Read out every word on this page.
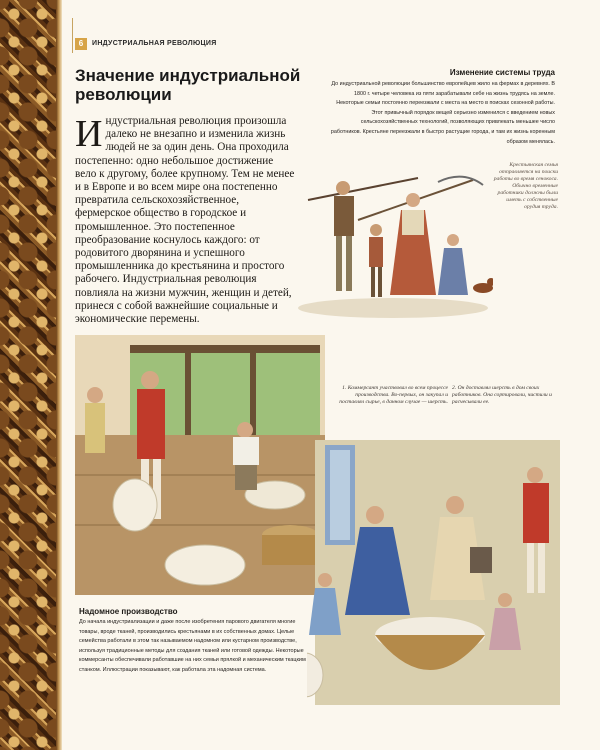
6	ИНДУСТРИАЛЬНАЯ РЕВОЛЮЦИЯ
Значение индустриальной революции

Индустриальная революция произошла далеко не внезапно и изменила жизнь людей не за один день. Она проходила постепенно: одно небольшое достижение вело к другому, более крупному. Тем не менее и в Европе и во всем мире она постепенно превратила сельскохозяйственное, фермерское общество в городское и промышленное. Это постепенное преобразование коснулось каждого: от родовитого дворянина и успешного промышленника до крестьянина и простого рабочего. Индустриальная революция повлияла на жизни мужчин, женщин и детей, принеся с собой важнейшие социальные и экономические перемены.

Изменение системы труда

До индустриальной революции большинство европейцев жило на фермах в деревнях. В 1800 г. четыре человека из пяти зарабатывали себе на жизнь трудясь на земле. Некоторые семьи постоянно переезжали с места на место в поисках сезонной работы. Этот привычный порядок вещей серьезно изменился с введением новых сельскохозяйственных технологий, позволяющих привлекать меньшее число работников. Крестьяне переезжали в быстро растущие города, и там их жизнь коренным образом менялась.

Крестьянская семья отправляется на поиски работы во время сенокоса. Обычно временные работники должны были иметь с собственные орудия труда.

1. Коммерсант участвовал во всем процессе производства. Во-первых, он закупал и поставлял сырье, в данном случае — шерсть.

2. Он доставлял шерсть в дом своих работников. Она сортировали, чистили и расчесывали ее.

Надомное производство

До начала индустриализации и даже после изобретения парового двигателя многие товары, вроде тканей, производились крестьянами в их собственных домах. Целые семейства работали в этом так называемом надомном или кустарном производстве, используя традиционные методы для создания тканей или готовой одежды. Некоторые коммерсанты обеспечивали работавшие на них семьи прялкой и механическим ткацким станком. Иллюстрации показывают, как работала эта надомная система.
